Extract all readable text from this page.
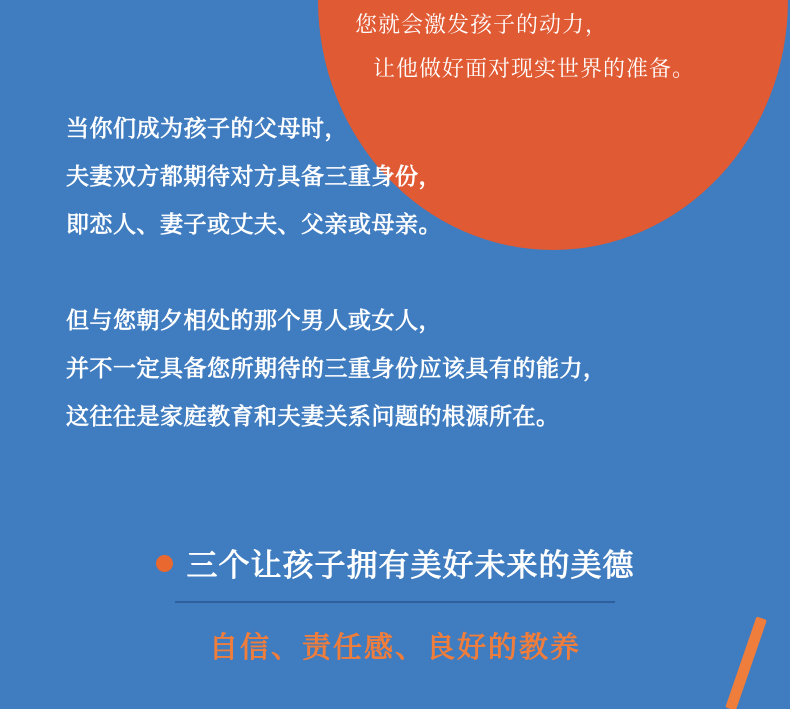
您就会激发孩子的动力，
让他做好面对现实世界的准备。
当你们成为孩子的父母时，
夫妻双方都期待对方具备三重身份，
即恋人、妻子或丈夫、父亲或母亲。
但与您朝夕相处的那个男人或女人，
并不一定具备您所期待的三重身份应该具有的能力，
这往往是家庭教育和夫妻关系问题的根源所在。
三个让孩子拥有美好未来的美德
自信、责任感、良好的教养
